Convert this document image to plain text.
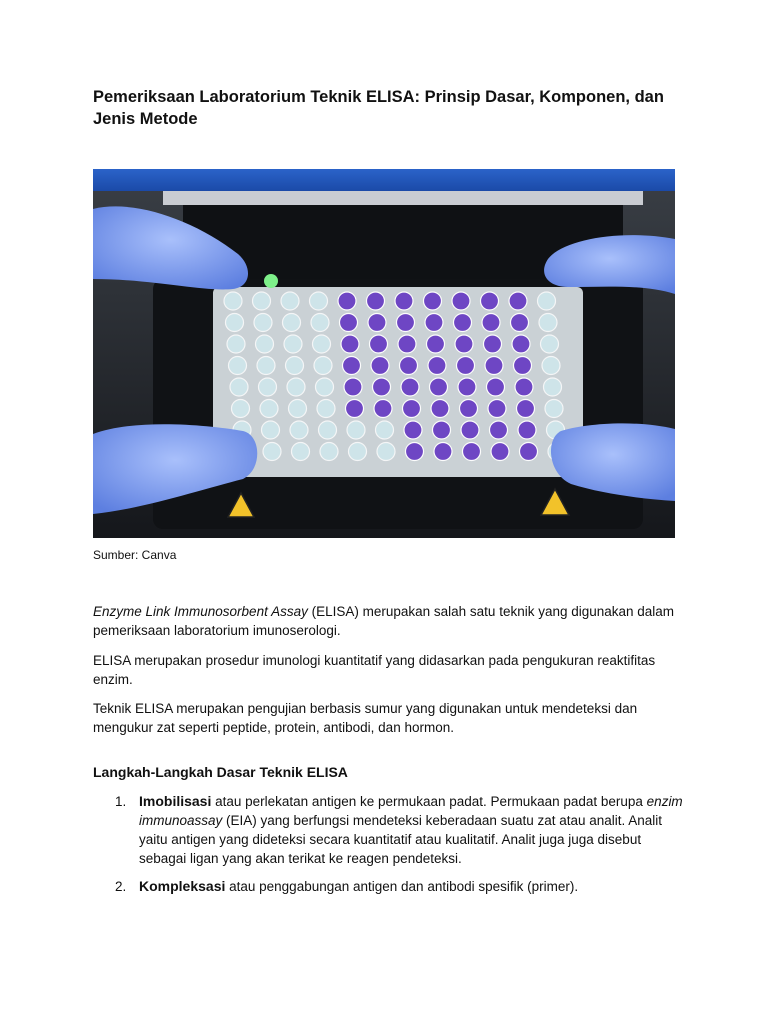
Pemeriksaan Laboratorium Teknik ELISA: Prinsip Dasar, Komponen, dan Jenis Metode

Sumber: Canva

Enzyme Link Immunosorbent Assay (ELISA) merupakan salah satu teknik yang digunakan dalam pemeriksaan laboratorium imunoserologi.

ELISA merupakan prosedur imunologi kuantitatif yang didasarkan pada pengukuran reaktifitas enzim.

Teknik ELISA merupakan pengujian berbasis sumur yang digunakan untuk mendeteksi dan mengukur zat seperti peptide, protein, antibodi, dan hormon.

Langkah-Langkah Dasar Teknik ELISA
1. Imobilisasi atau perlekatan antigen ke permukaan padat. Permukaan padat berupa enzim immunoassay (EIA) yang berfungsi mendeteksi keberadaan suatu zat atau analit. Analit yaitu antigen yang dideteksi secara kuantitatif atau kualitatif. Analit juga juga disebut sebagai ligan yang akan terikat ke reagen pendeteksi.
2. Kompleksasi atau penggabungan antigen dan antibodi spesifik (primer).
